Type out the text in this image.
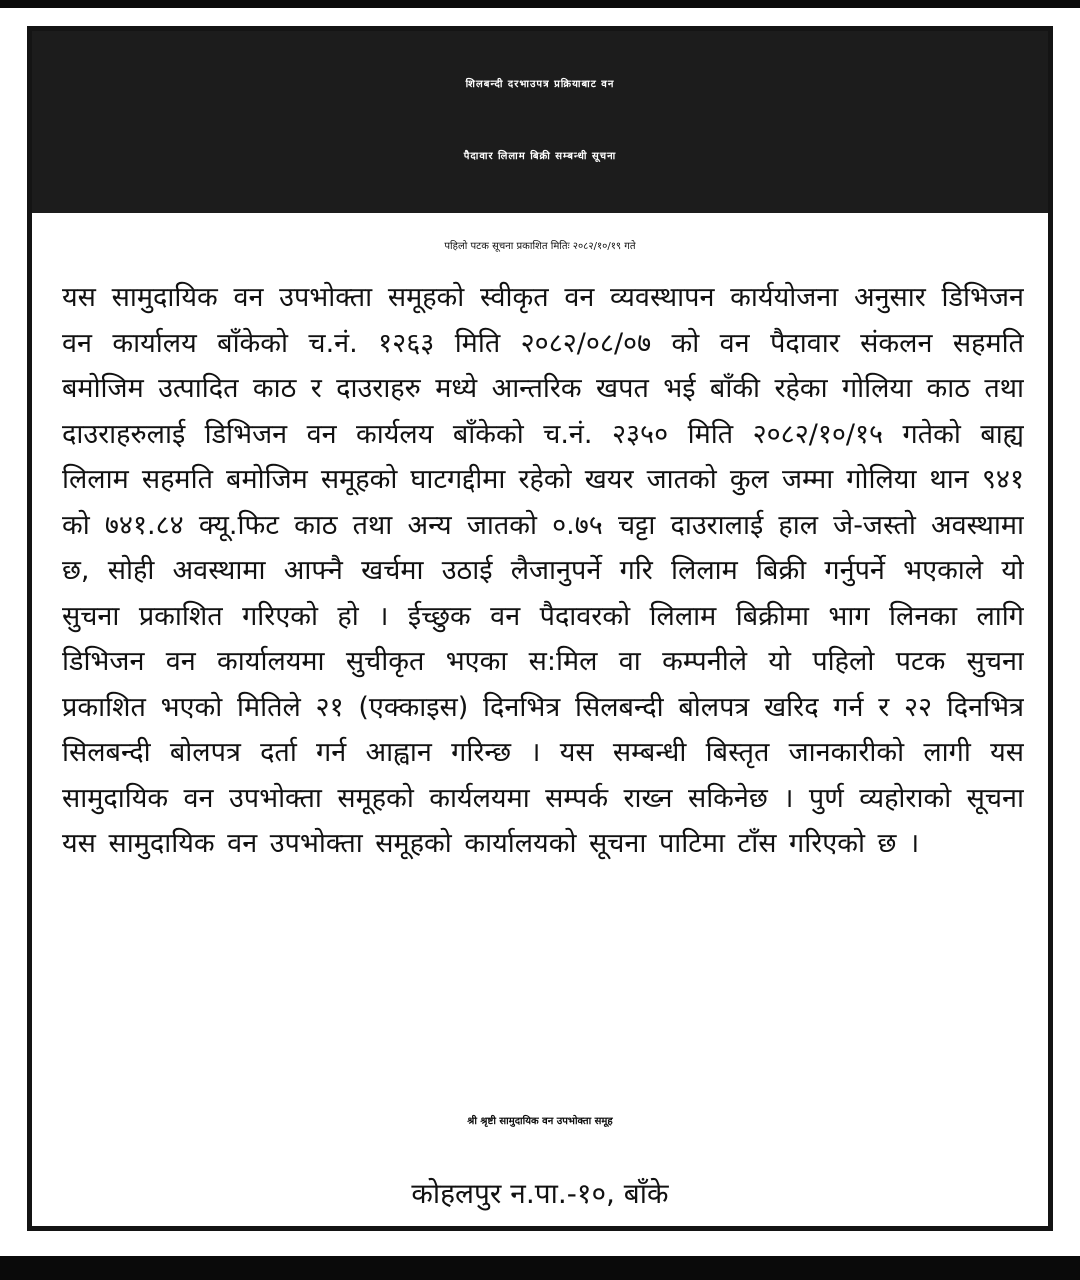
शिलबन्दी दरभाउपत्र प्रक्रियाबाट वन
पैदावार लिलाम बिक्री सम्बन्धी सूचना
पहिलो पटक सूचना प्रकाशित मितिः २०८२/१०/१९ गते
यस सामुदायिक वन उपभोक्ता समूहको स्वीकृत वन व्यवस्थापन कार्ययोजना अनुसार डिभिजन वन कार्यालय बाँकेको च.नं. १२६३ मिति २०८२/०८/०७ को वन पैदावार संकलन सहमति बमोजिम उत्पादित काठ र दाउराहरु मध्ये आन्तरिक खपत भई बाँकी रहेका गोलिया काठ तथा दाउराहरुलाई डिभिजन वन कार्यलय बाँकेको च.नं. २३५० मिति २०८२/१०/१५ गतेको बाह्य लिलाम सहमति बमोजिम समूहको घाटगद्दीमा रहेको खयर जातको कुल जम्मा गोलिया थान ९४१ को ७४१.८४ क्यू.फिट काठ तथा अन्य जातको ०.७५ चट्टा दाउरालाई हाल जे-जस्तो अवस्थामा छ, सोही अवस्थामा आफ्नै खर्चमा उठाई लैजानुपर्ने गरि लिलाम बिक्री गर्नुपर्ने भएकाले यो सुचना प्रकाशित गरिएको हो । ईच्छुक वन पैदावरको लिलाम बिक्रीमा भाग लिनका लागि डिभिजन वन कार्यालयमा सुचीकृत भएका स:मिल वा कम्पनीले यो पहिलो पटक सुचना प्रकाशित भएको मितिले २१ (एक्काइस) दिनभित्र सिलबन्दी बोलपत्र खरिद गर्न र २२ दिनभित्र सिलबन्दी बोलपत्र दर्ता गर्न आह्वान गरिन्छ । यस सम्बन्धी बिस्तृत जानकारीको लागी यस सामुदायिक वन उपभोक्ता समूहको कार्यलयमा सम्पर्क राख्न सकिनेछ । पुर्ण व्यहोराको सूचना यस सामुदायिक वन उपभोक्ता समूहको कार्यालयको सूचना पाटिमा टाँस गरिएको छ ।
श्री श्रृष्टी सामुदायिक वन उपभोक्ता समूह
कोहलपुर न.पा.-१०, बाँके
